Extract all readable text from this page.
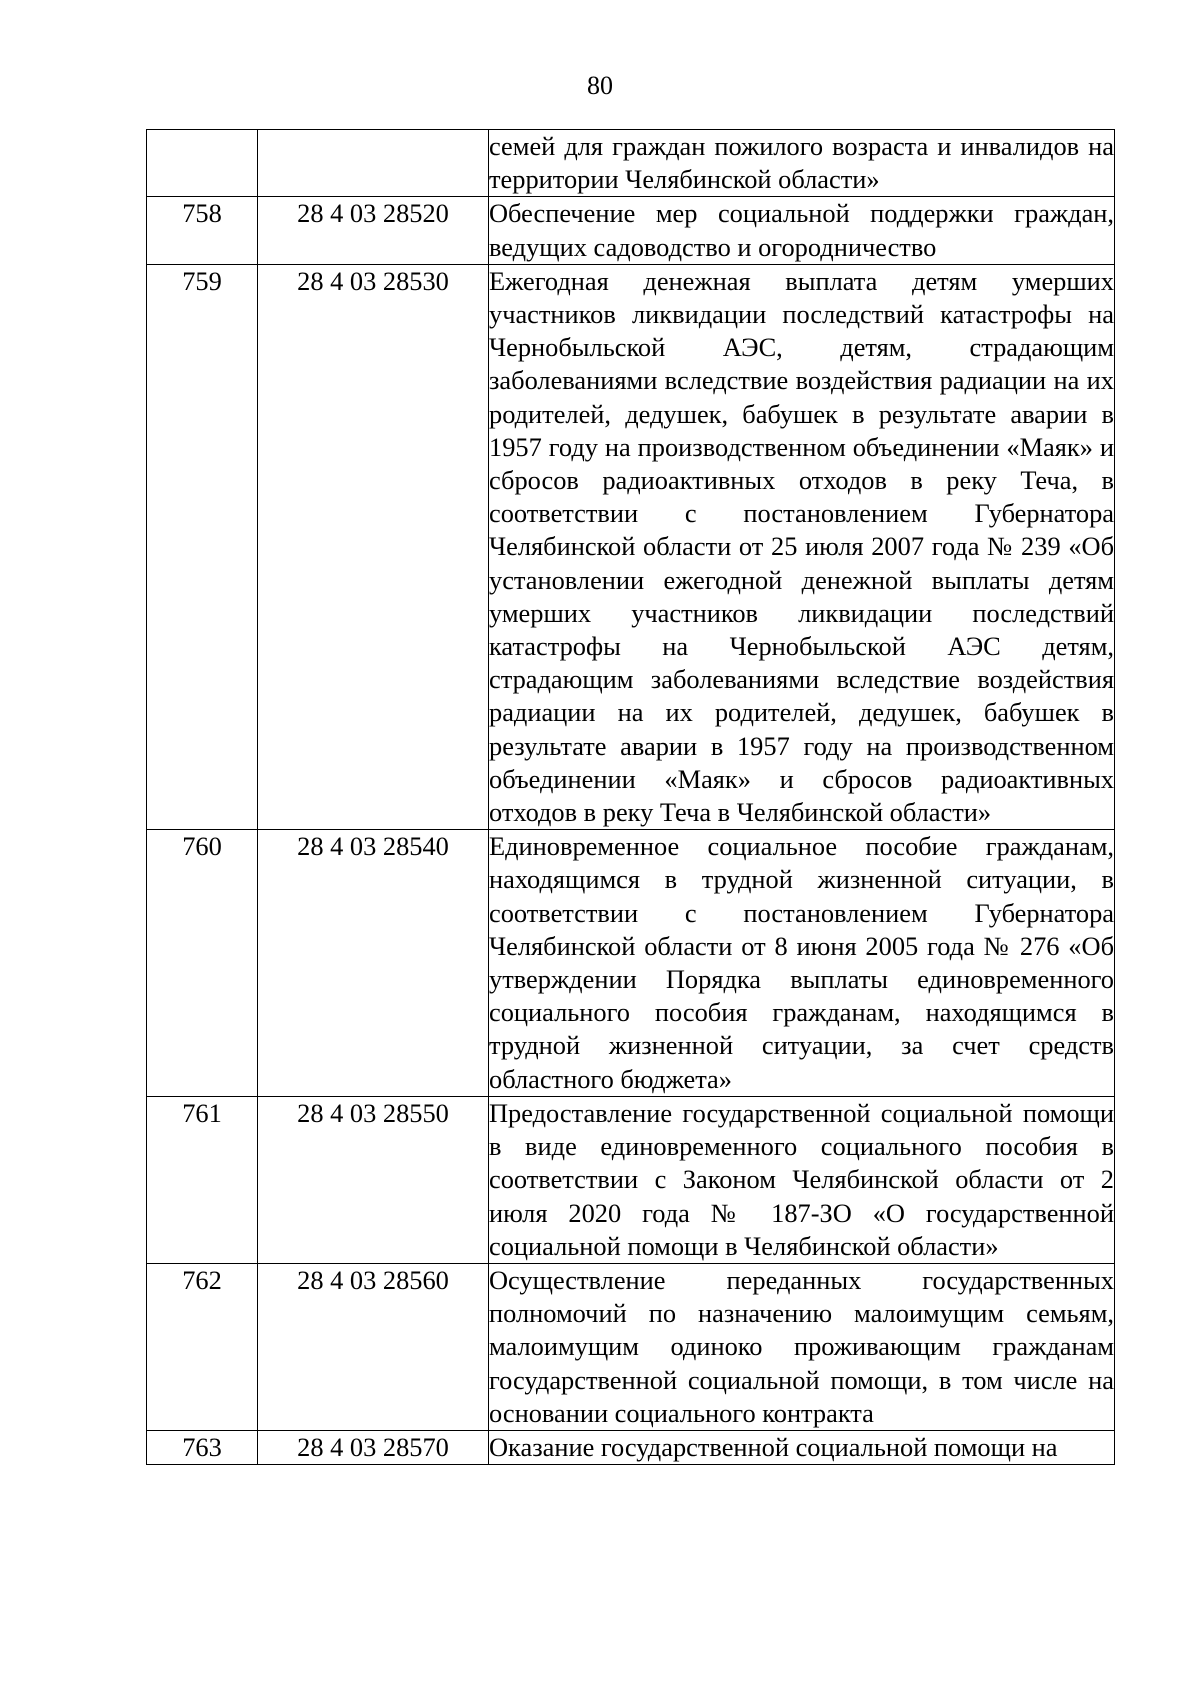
80
		семей для граждан пожилого возраста и инвалидов на территории Челябинской области»
758	28 4 03 28520	Обеспечение мер социальной поддержки граждан, ведущих садоводство и огородничество
759	28 4 03 28530	Ежегодная денежная выплата детям умерших участников ликвидации последствий катастрофы на Чернобыльской АЭС, детям, страдающим заболеваниями вследствие воздействия радиации на их родителей, дедушек, бабушек в результате аварии в 1957 году на производственном объединении «Маяк» и сбросов радиоактивных отходов в реку Теча, в соответствии с постановлением Губернатора Челябинской области от 25 июля 2007 года № 239 «Об установлении ежегодной денежной выплаты детям умерших участников ликвидации последствий катастрофы на Чернобыльской АЭС детям, страдающим заболеваниями вследствие воздействия радиации на их родителей, дедушек, бабушек в результате аварии в 1957 году на производственном объединении «Маяк» и сбросов радиоактивных отходов в реку Теча в Челябинской области»
760	28 4 03 28540	Единовременное социальное пособие гражданам, находящимся в трудной жизненной ситуации, в соответствии с постановлением Губернатора Челябинской области от 8 июня 2005 года № 276 «Об утверждении Порядка выплаты единовременного социального пособия гражданам, находящимся в трудной жизненной ситуации, за счет средств областного бюджета»
761	28 4 03 28550	Предоставление государственной социальной помощи в виде единовременного социального пособия в соответствии с Законом Челябинской области от 2 июля 2020 года № 187-ЗО «О государственной социальной помощи в Челябинской области»
762	28 4 03 28560	Осуществление переданных государственных полномочий по назначению малоимущим семьям, малоимущим одиноко проживающим гражданам государственной социальной помощи, в том числе на основании социального контракта
763	28 4 03 28570	Оказание государственной социальной помощи на
